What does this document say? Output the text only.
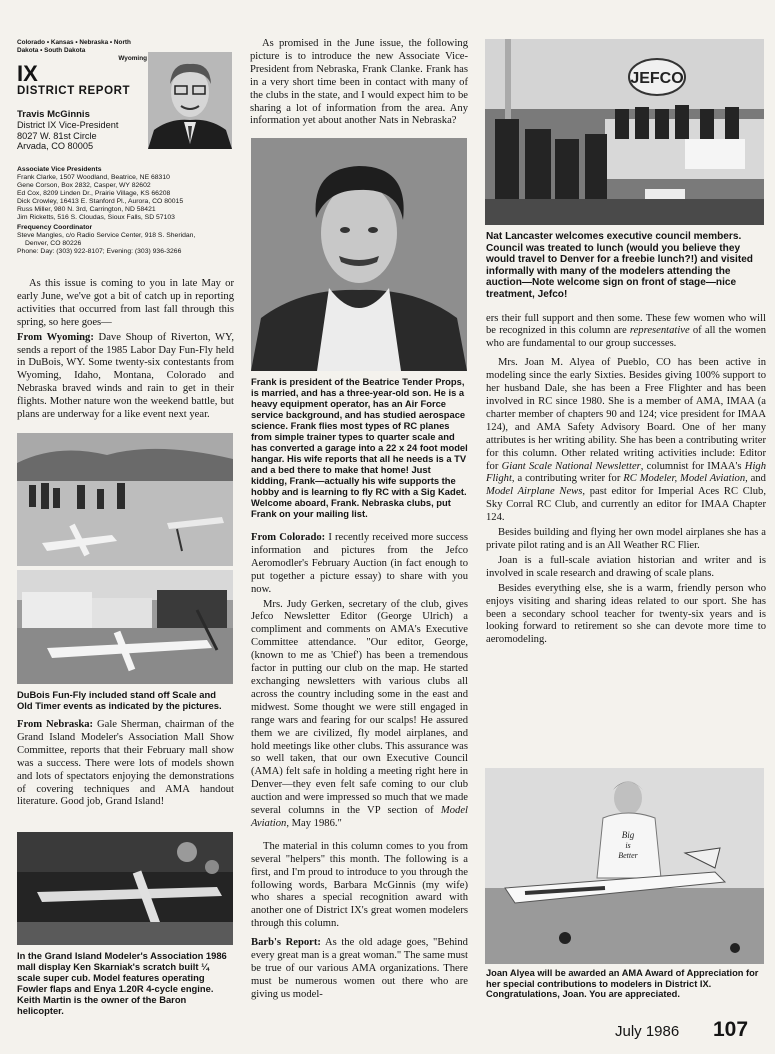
Colorado • Kansas • Nebraska • North Dakota • South Dakota
Wyoming
IX
DISTRICT REPORT
Travis McGinnis
District IX Vice-President
8027 W. 81st Circle
Arvada, CO 80005
Associate Vice Presidents
Frank Clarke, 1507 Woodland, Beatrice, NE 68310
Gene Corson, Box 2832, Casper, WY 82602
Ed Cox, 8209 Linden Dr., Prairie Village, KS 66208
Dick Crowley, 16413 E. Stanford Pl., Aurora, CO 80015
Russ Miller, 980 N. 3rd, Carrington, ND 58421
Jim Ricketts, 516 S. Cloudas, Sioux Falls, SD 57103
Frequency Coordinator
Steve Mangles, c/o Radio Service Center, 918 S. Sheridan,
Denver, CO 80226
Phone: Day: (303) 922-8107; Evening: (303) 936-3266

As this issue is coming to you in late May or early June, we've got a bit of catch up in reporting activities that occurred from last fall through this spring, so here goes—

From Wyoming: Dave Shoup of Riverton, WY, sends a report of the 1985 Labor Day Fun-Fly held in DuBois, WY. Some twenty-six contestants from Wyoming, Idaho, Montana, Colorado and Nebraska braved winds and rain to get in their flights. Mother nature won the weekend battle, but plans are underway for a like event next year.

DuBois Fun-Fly included stand off Scale and Old Timer events as indicated by the pictures.

From Nebraska: Gale Sherman, chairman of the Grand Island Modeler's Association Mall Show Committee, reports that their February mall show was a success. There were lots of models shown and lots of spectators enjoying the demonstrations of covering techniques and AMA handout literature. Good job, Grand Island!

In the Grand Island Modeler's Association 1986 mall display Ken Skarniak's scratch built ¼ scale super cub. Model features operating Fowler flaps and Enya 1.20R 4-cycle engine. Keith Martin is the owner of the Baron helicopter.

As promised in the June issue, the following picture is to introduce the new Associate Vice-President from Nebraska, Frank Clanke. Frank has in a very short time been in contact with many of the clubs in the state, and I would expect him to be sharing a lot of information from the area. Any information yet about another Nats in Nebraska?

Frank is president of the Beatrice Tender Props, is married, and has a three-year-old son. He is a heavy equipment operator, has an Air Force service background, and has studied aerospace science. Frank flies most types of RC planes from simple trainer types to quarter scale and has converted a garage into a 22 x 24 foot model hangar. His wife reports that all he needs is a TV and a bed there to make that home! Just kidding, Frank—actually his wife supports the hobby and is learning to fly RC with a Sig Kadet. Welcome aboard, Frank. Nebraska clubs, put Frank on your mailing list.

From Colorado: I recently received more success information and pictures from the Jefco Aeromodler's February Auction (in fact enough to put together a picture essay) to share with you now.

Mrs. Judy Gerken, secretary of the club, gives Jefco Newsletter Editor (George Ulrich) a compliment and comments on AMA's Executive Committee attendance. "Our editor, George, (known to me as 'Chief') has been a tremendous factor in putting our club on the map. He started exchanging newsletters with various clubs all across the country including some in the east and midwest. Some thought we were still engaged in range wars and fearing for our scalps! He assured them we are civilized, fly model airplanes, and hold meetings like other clubs. This assurance was so well taken, that our own Executive Council (AMA) felt safe in holding a meeting right here in Denver—they even felt safe coming to our club auction and were impressed so much that we made several columns in the VP section of Model Aviation, May 1986."

The material in this column comes to you from several "helpers" this month. The following is a first, and I'm proud to introduce to you through the following words, Barbara McGinnis (my wife) who shares a special recognition award with another one of District IX's great women modelers through this column.

Barb's Report: As the old adage goes, "Behind every great man is a great woman." The same must be true of our various AMA organizations. There must be numerous women out there who are giving us model-

JEFCO

Nat Lancaster welcomes executive council members. Council was treated to lunch (would you believe they would travel to Denver for a freebie lunch?!) and visited informally with many of the modelers attending the auction—Note welcome sign on front of stage—nice treatment, Jefco!

ers their full support and then some. These few women who will be recognized in this column are representative of all the women who are fundamental to our group successes.

Mrs. Joan M. Alyea of Pueblo, CO has been active in modeling since the early Sixties. Besides giving 100% support to her husband Dale, she has been a Free Flighter and has been involved in RC since 1980. She is a member of AMA, IMAA (a charter member of chapters 90 and 124; vice president for IMAA 124), and AMA Safety Advisory Board. One of her many attributes is her writing ability. She has been a contributing writer for this column. Other related writing activities include: Editor for Giant Scale National Newsletter, columnist for IMAA's High Flight, a contributing writer for RC Modeler, Model Aviation, and Model Airplane News, past editor for Imperial Aces RC Club, Sky Corral RC Club, and currently an editor for IMAA Chapter 124.

Besides building and flying her own model airplanes she has a private pilot rating and is an All Weather RC Flier.

Joan is a full-scale aviation historian and writer and is involved in scale research and drawing of scale plans.

Besides everything else, she is a warm, friendly person who enjoys visiting and sharing ideas related to our sport. She has been a secondary school teacher for twenty-six years and is looking forward to retirement so she can devote more time to aeromodeling.

Big
is
Better

Joan Alyea will be awarded an AMA Award of Appreciation for her special contributions to modelers in District IX. Congratulations, Joan. You are appreciated.

July 1986 107
